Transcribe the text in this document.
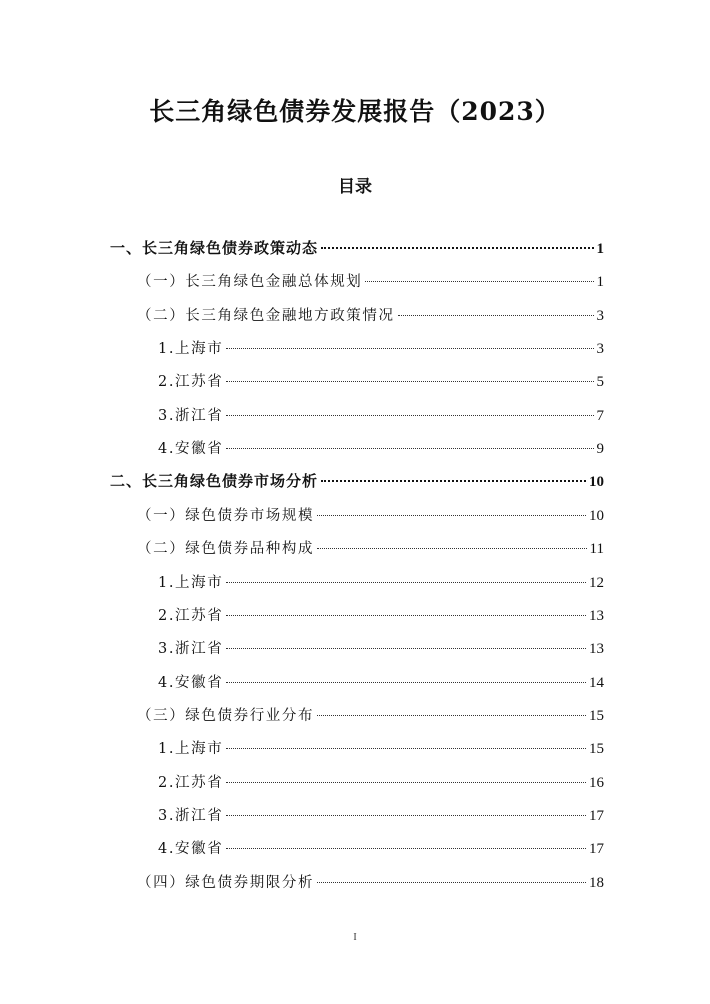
长三角绿色债券发展报告（2023）
目录
一、长三角绿色债券政策动态	1
（一）长三角绿色金融总体规划	1
（二）长三角绿色金融地方政策情况	3
1.上海市	3
2.江苏省	5
3.浙江省	7
4.安徽省	9
二、长三角绿色债券市场分析	10
（一）绿色债券市场规模	10
（二）绿色债券品种构成	11
1.上海市	12
2.江苏省	13
3.浙江省	13
4.安徽省	14
（三）绿色债券行业分布	15
1.上海市	15
2.江苏省	16
3.浙江省	17
4.安徽省	17
（四）绿色债券期限分析	18
I
